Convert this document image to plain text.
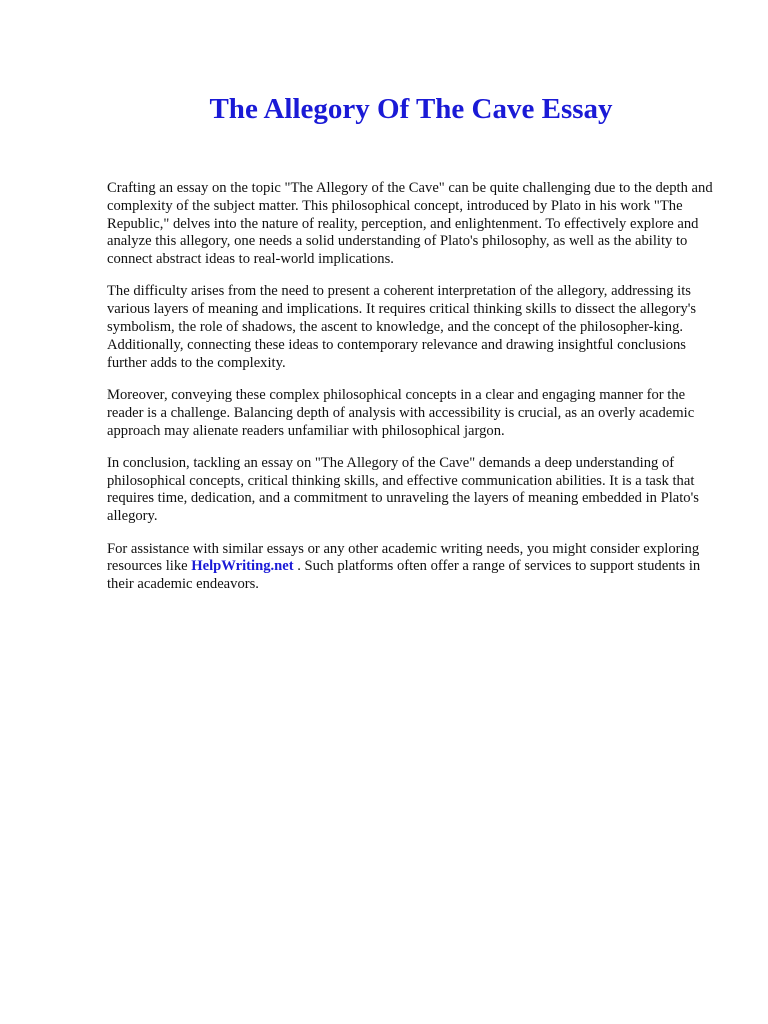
The Allegory Of The Cave Essay

Crafting an essay on the topic "The Allegory of the Cave" can be quite challenging due to the depth and complexity of the subject matter. This philosophical concept, introduced by Plato in his work "The Republic," delves into the nature of reality, perception, and enlightenment. To effectively explore and analyze this allegory, one needs a solid understanding of Plato's philosophy, as well as the ability to connect abstract ideas to real-world implications.

The difficulty arises from the need to present a coherent interpretation of the allegory, addressing its various layers of meaning and implications. It requires critical thinking skills to dissect the allegory's symbolism, the role of shadows, the ascent to knowledge, and the concept of the philosopher-king. Additionally, connecting these ideas to contemporary relevance and drawing insightful conclusions further adds to the complexity.

Moreover, conveying these complex philosophical concepts in a clear and engaging manner for the reader is a challenge. Balancing depth of analysis with accessibility is crucial, as an overly academic approach may alienate readers unfamiliar with philosophical jargon.

In conclusion, tackling an essay on "The Allegory of the Cave" demands a deep understanding of philosophical concepts, critical thinking skills, and effective communication abilities. It is a task that requires time, dedication, and a commitment to unraveling the layers of meaning embedded in Plato's allegory.

For assistance with similar essays or any other academic writing needs, you might consider exploring resources like HelpWriting.net . Such platforms often offer a range of services to support students in their academic endeavors.
